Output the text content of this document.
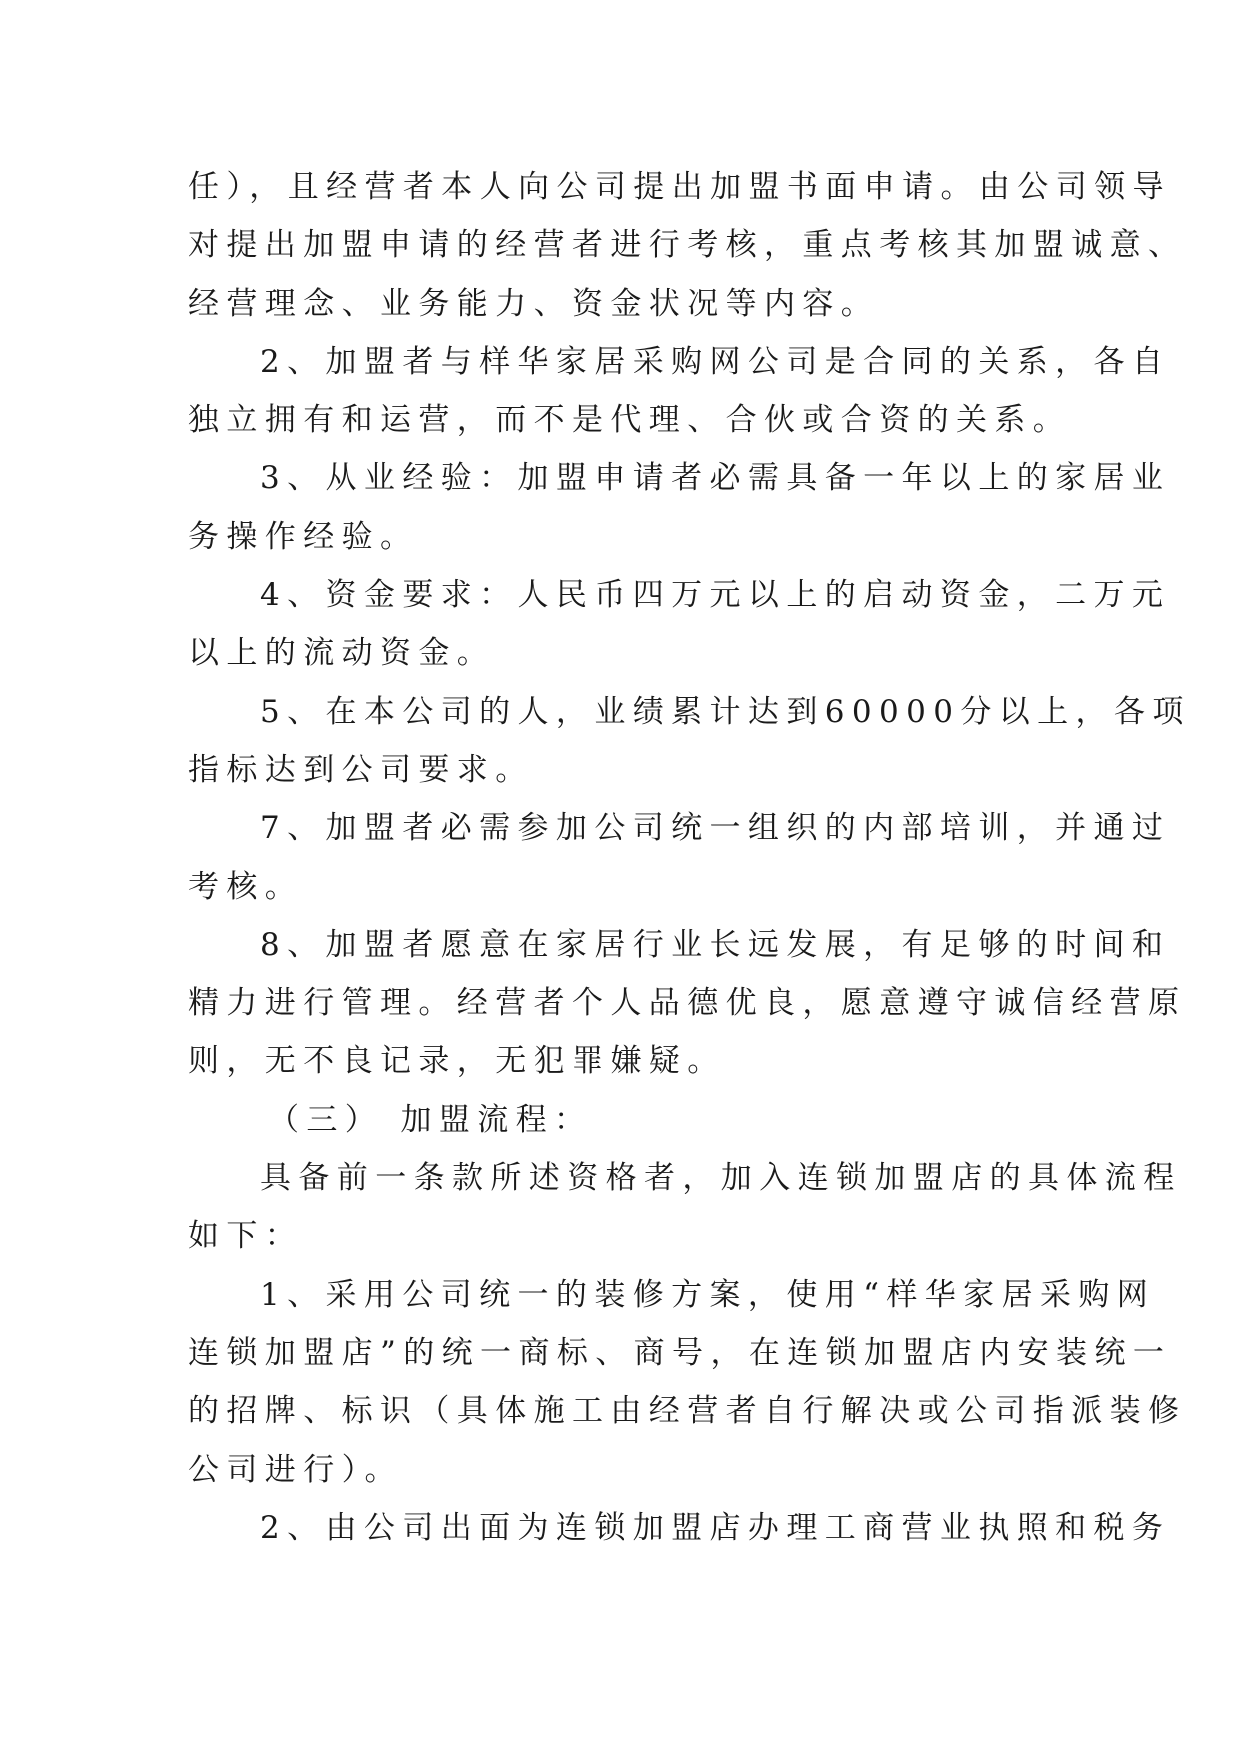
任），且经营者本人向公司提出加盟书面申请。由公司领导
对提出加盟申请的经营者进行考核，重点考核其加盟诚意、
经营理念、业务能力、资金状况等内容。
2、加盟者与样华家居采购网公司是合同的关系，各自
独立拥有和运营，而不是代理、合伙或合资的关系。
3、从业经验：加盟申请者必需具备一年以上的家居业
务操作经验。
4、资金要求：人民币四万元以上的启动资金，二万元
以上的流动资金。
5、在本公司的人，业绩累计达到60000分以上，各项
指标达到公司要求。
7、加盟者必需参加公司统一组织的内部培训，并通过
考核。
8、加盟者愿意在家居行业长远发展，有足够的时间和
精力进行管理。经营者个人品德优良，愿意遵守诚信经营原
则，无不良记录，无犯罪嫌疑。
（三） 加盟流程：
具备前一条款所述资格者，加入连锁加盟店的具体流程
如下：
1、采用公司统一的装修方案，使用“样华家居采购网
连锁加盟店”的统一商标、商号，在连锁加盟店内安装统一
的招牌、标识（具体施工由经营者自行解决或公司指派装修
公司进行）。
2、由公司出面为连锁加盟店办理工商营业执照和税务
